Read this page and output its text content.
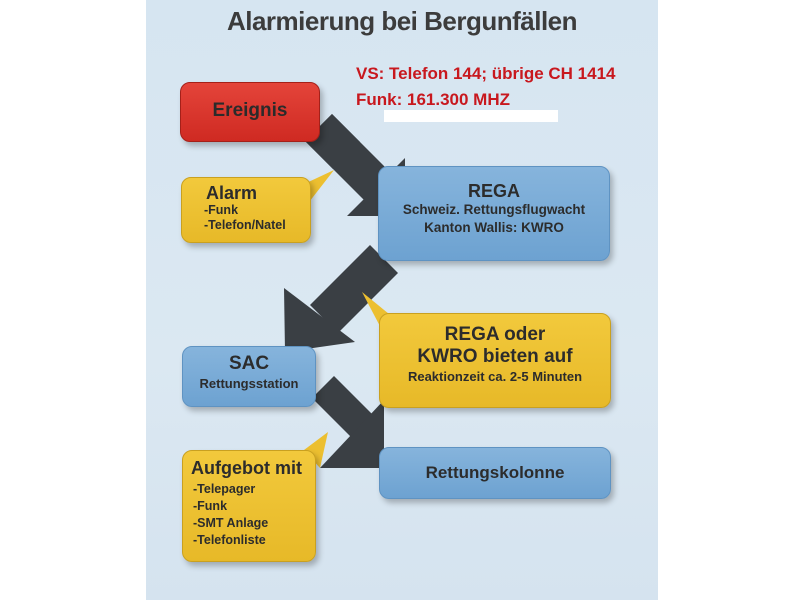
Alarmierung bei Bergunfällen
VS: Telefon 144; übrige CH 1414
Funk: 161.300 MHZ
Ereignis
Alarm
-Funk
-Telefon/Natel
REGA
Schweiz. Rettungsflugwacht
Kanton Wallis: KWRO
REGA oder
KWRO bieten auf
Reaktionzeit ca. 2-5 Minuten
SAC
Rettungsstation
Rettungskolonne
Aufgebot mit
-Telepager
-Funk
-SMT Anlage
-Telefonliste
